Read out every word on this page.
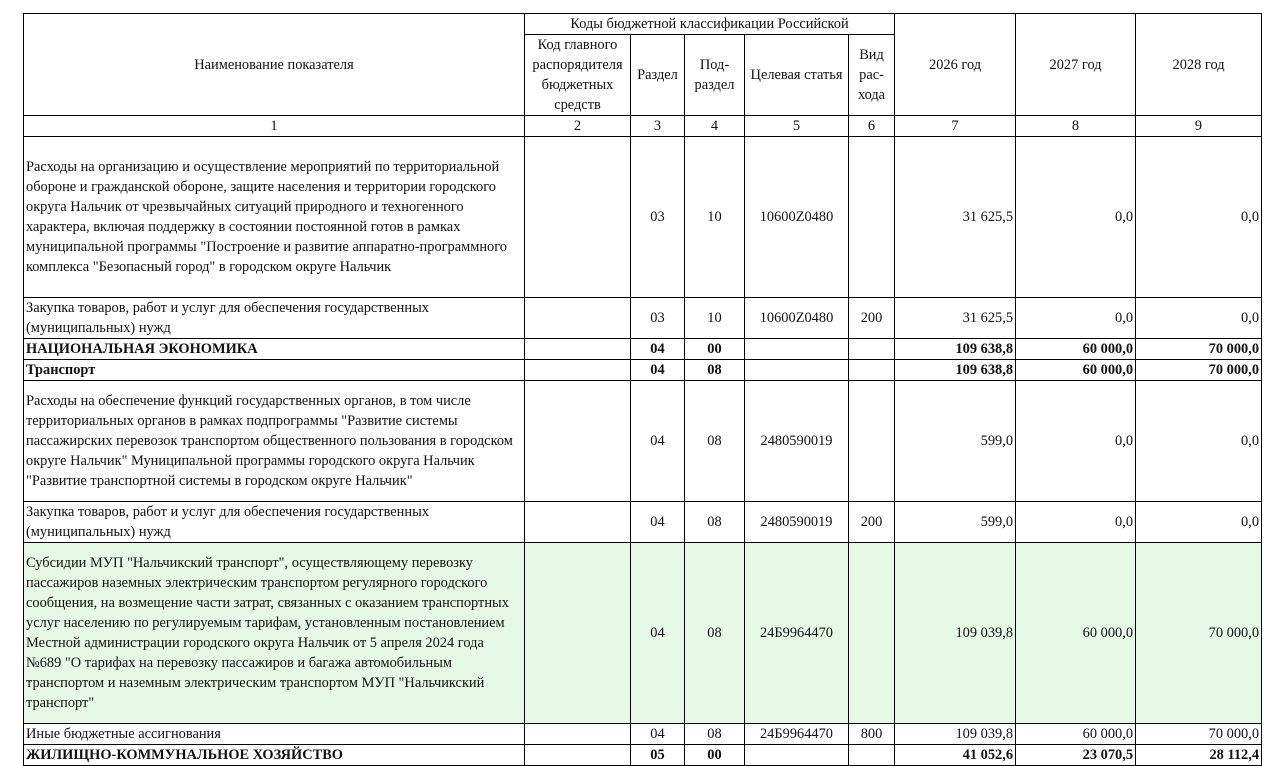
Наименование показателя	Коды бюджетной классификации Российской					2026 год	2027 год	2028 год
	Код главного распорядителя бюджетных средств	Раздел	Под-раздел	Целевая статья	Вид рас-хода			
1	2	3	4	5	6	7	8	9
Расходы на организацию и осуществление мероприятий по территориальной обороне и гражданской обороне, защите населения и территории городского округа Нальчик от чрезвычайных ситуаций природного и техногенного характера, включая поддержку в состоянии постоянной готов в рамках муниципальной программы "Построение и развитие аппаратно-программного комплекса "Безопасный город" в городском округе Нальчик		03	10	10600Z0480		31 625,5	0,0	0,0
Закупка товаров, работ и услуг для обеспечения государственных (муниципальных) нужд		03	10	10600Z0480	200	31 625,5	0,0	0,0
НАЦИОНАЛЬНАЯ ЭКОНОМИКА		04	00			109 638,8	60 000,0	70 000,0
Транспорт		04	08			109 638,8	60 000,0	70 000,0
Расходы на обеспечение функций государственных органов, в том числе территориальных органов в рамках подпрограммы "Развитие системы пассажирских перевозок транспортом общественного пользования в городском округе Нальчик" Муниципальной программы городского округа Нальчик "Развитие транспортной системы в городском округе Нальчик"		04	08	2480590019		599,0	0,0	0,0
Закупка товаров, работ и услуг для обеспечения государственных (муниципальных) нужд		04	08	2480590019	200	599,0	0,0	0,0
Субсидии МУП "Нальчикский транспорт", осуществляющему перевозку пассажиров наземных электрическим транспортом регулярного городского сообщения, на возмещение части затрат, связанных с оказанием транспортных услуг населению по регулируемым тарифам, установленным постановлением Местной администрации городского округа Нальчик от 5 апреля 2024 года №689 "О тарифах на перевозку пассажиров и багажа автомобильным транспортом и наземным электрическим транспортом МУП "Нальчикский транспорт"		04	08	24Б9964470		109 039,8	60 000,0	70 000,0
Иные бюджетные ассигнования		04	08	24Б9964470	800	109 039,8	60 000,0	70 000,0
ЖИЛИЩНО-КОММУНАЛЬНОЕ ХОЗЯЙСТВО		05	00			41 052,6	23 070,5	28 112,4
